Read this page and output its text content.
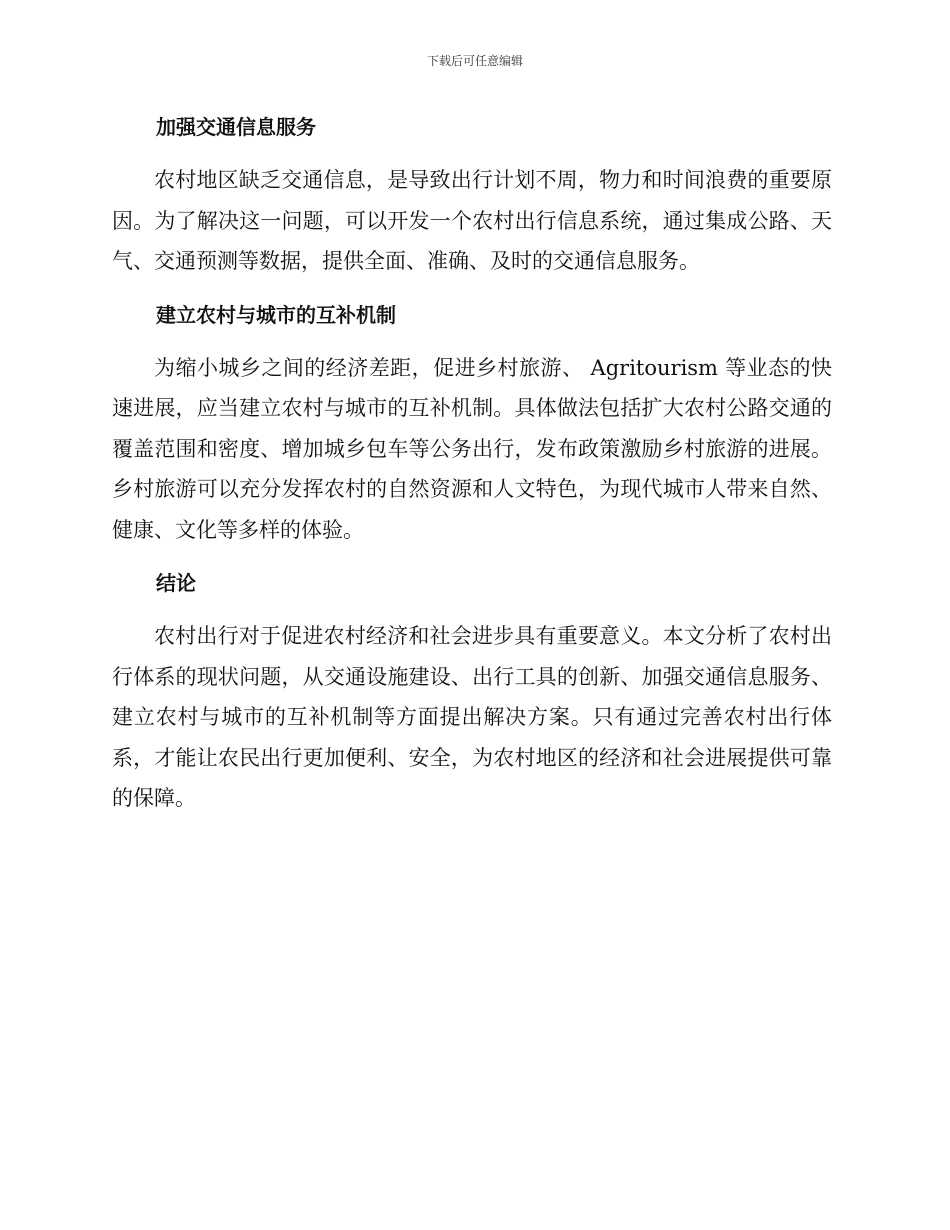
下载后可任意编辑
加强交通信息服务

农村地区缺乏交通信息，是导致出行计划不周，物力和时间浪费的重要原因。为了解决这一问题，可以开发一个农村出行信息系统，通过集成公路、天气、交通预测等数据，提供全面、准确、及时的交通信息服务。

建立农村与城市的互补机制

为缩小城乡之间的经济差距，促进乡村旅游、 Agritourism 等业态的快速进展，应当建立农村与城市的互补机制。具体做法包括扩大农村公路交通的覆盖范围和密度、增加城乡包车等公务出行，发布政策激励乡村旅游的进展。乡村旅游可以充分发挥农村的自然资源和人文特色，为现代城市人带来自然、健康、文化等多样的体验。

结论

农村出行对于促进农村经济和社会进步具有重要意义。本文分析了农村出行体系的现状问题，从交通设施建设、出行工具的创新、加强交通信息服务、建立农村与城市的互补机制等方面提出解决方案。只有通过完善农村出行体系，才能让农民出行更加便利、安全，为农村地区的经济和社会进展提供可靠的保障。
